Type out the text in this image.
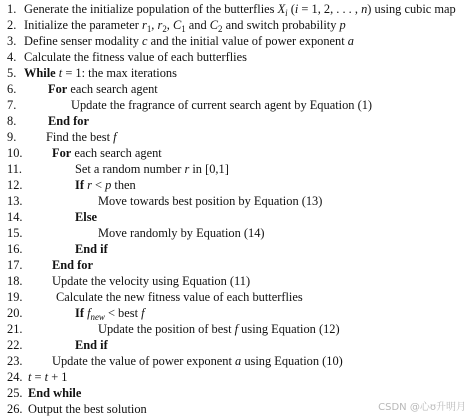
1. Generate the initialize population of the butterflies $X_i$ (i = 1, 2, . . . , n) using cubic map
2. Initialize the parameter $r_1$, $r_2$, $C_1$ and $C_2$ and switch probability p
3. Define senser modality c and the initial value of power exponent a
4. Calculate the fitness value of each butterflies
5. While t = 1: the max iterations
6.	For each search agent
7.	Update the fragrance of current search agent by Equation (1)
8.	End for
9. Find the best f
10. For each search agent
11.	Set a random number r in [0,1]
12.	If r < p then
13.	Move towards best position by Equation (13)
14.	Else
15.	Move randomly by Equation (14)
16.	End if
17. End for
18. Update the velocity using Equation (11)
19.	Calculate the new fitness value of each butterflies
20.	If $f_{new}$ < best f
21.	Update the position of best f using Equation (12)
22.	End if
23. Update the value of power exponent a using Equation (10)
24. t = t + 1
25. End while
26. Output the best solution	CSDN @心ʊ升明月
